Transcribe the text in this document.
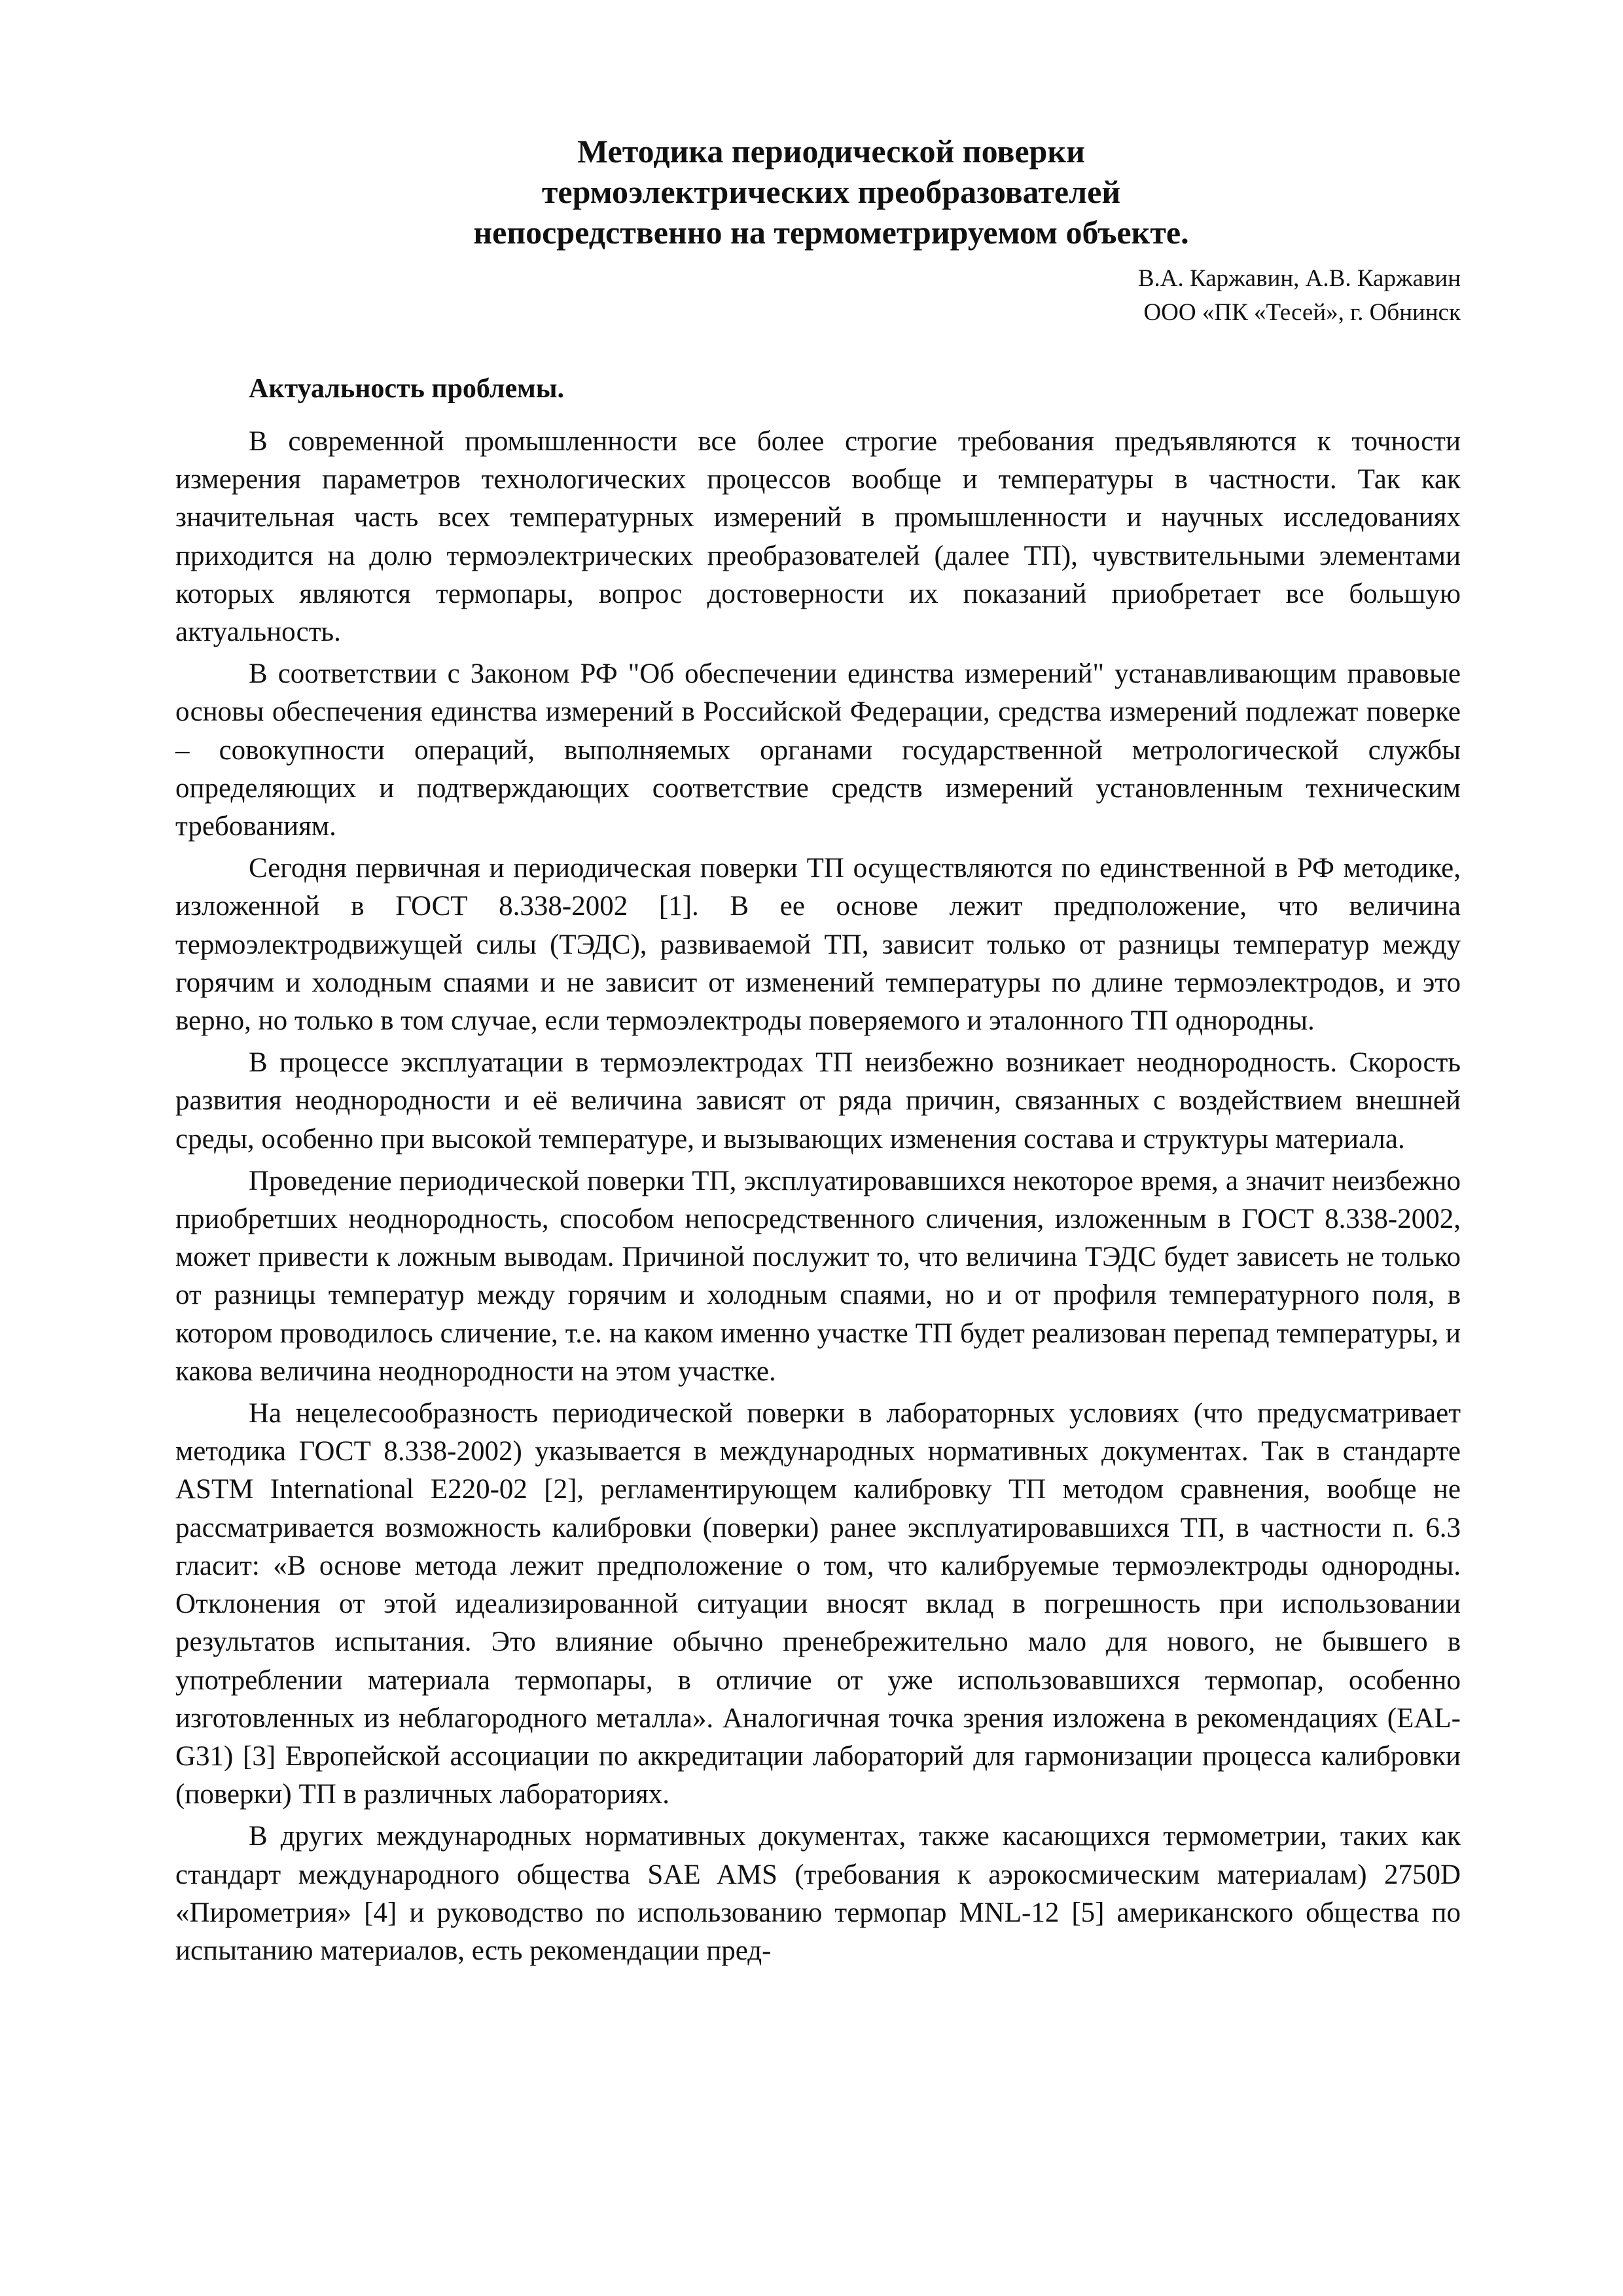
Методика периодической поверки
термоэлектрических преобразователей
непосредственно на термометрируемом объекте.

В.А. Каржавин, А.В. Каржавин

ООО «ПК «Тесей», г. Обнинск

Актуальность проблемы.

В современной промышленности все более строгие требования предъявляются к точности измерения параметров технологических процессов вообще и температуры в частности. Так как значительная часть всех температурных измерений в промышленности и научных исследованиях приходится на долю термоэлектрических преобразователей (далее ТП), чувствительными элементами которых являются термопары, вопрос достоверности их показаний приобретает все большую актуальность.

В соответствии с Законом РФ "Об обеспечении единства измерений" устанавливающим правовые основы обеспечения единства измерений в Российской Федерации, средства измерений подлежат поверке – совокупности операций, выполняемых органами государственной метрологической службы определяющих и подтверждающих соответствие средств измерений установленным техническим требованиям.

Сегодня первичная и периодическая поверки ТП осуществляются по единственной в РФ методике, изложенной в ГОСТ 8.338-2002 [1]. В ее основе лежит предположение, что величина термоэлектродвижущей силы (ТЭДС), развиваемой ТП, зависит только от разницы температур между горячим и холодным спаями и не зависит от изменений температуры по длине термоэлектродов, и это верно, но только в том случае, если термоэлектроды поверяемого и эталонного ТП однородны.

В процессе эксплуатации в термоэлектродах ТП неизбежно возникает неоднородность. Скорость развития неоднородности и её величина зависят от ряда причин, связанных с воздействием внешней среды, особенно при высокой температуре, и вызывающих изменения состава и структуры материала.

Проведение периодической поверки ТП, эксплуатировавшихся некоторое время, а значит неизбежно приобретших неоднородность, способом непосредственного сличения, изложенным в ГОСТ 8.338-2002, может привести к ложным выводам. Причиной послужит то, что величина ТЭДС будет зависеть не только от разницы температур между горячим и холодным спаями, но и от профиля температурного поля, в котором проводилось сличение, т.е. на каком именно участке ТП будет реализован перепад температуры, и какова величина неоднородности на этом участке.

На нецелесообразность периодической поверки в лабораторных условиях (что предусматривает методика ГОСТ 8.338-2002) указывается в международных нормативных документах. Так в стандарте ASTM International E220-02 [2], регламентирующем калибровку ТП методом сравнения, вообще не рассматривается возможность калибровки (поверки) ранее эксплуатировавшихся ТП, в частности п. 6.3 гласит: «В основе метода лежит предположение о том, что калибруемые термоэлектроды однородны. Отклонения от этой идеализированной ситуации вносят вклад в погрешность при использовании результатов испытания. Это влияние обычно пренебрежительно мало для нового, не бывшего в употреблении материала термопары, в отличие от уже использовавшихся термопар, особенно изготовленных из неблагородного металла». Аналогичная точка зрения изложена в рекомендациях (EAL-G31) [3] Европейской ассоциации по аккредитации лабораторий для гармонизации процесса калибровки (поверки) ТП в различных лабораториях.

В других международных нормативных документах, также касающихся термометрии, таких как стандарт международного общества SAE AMS (требования к аэрокосмическим материалам) 2750D «Пирометрия» [4] и руководство по использованию термопар MNL-12 [5] американского общества по испытанию материалов, есть рекомендации пред-
